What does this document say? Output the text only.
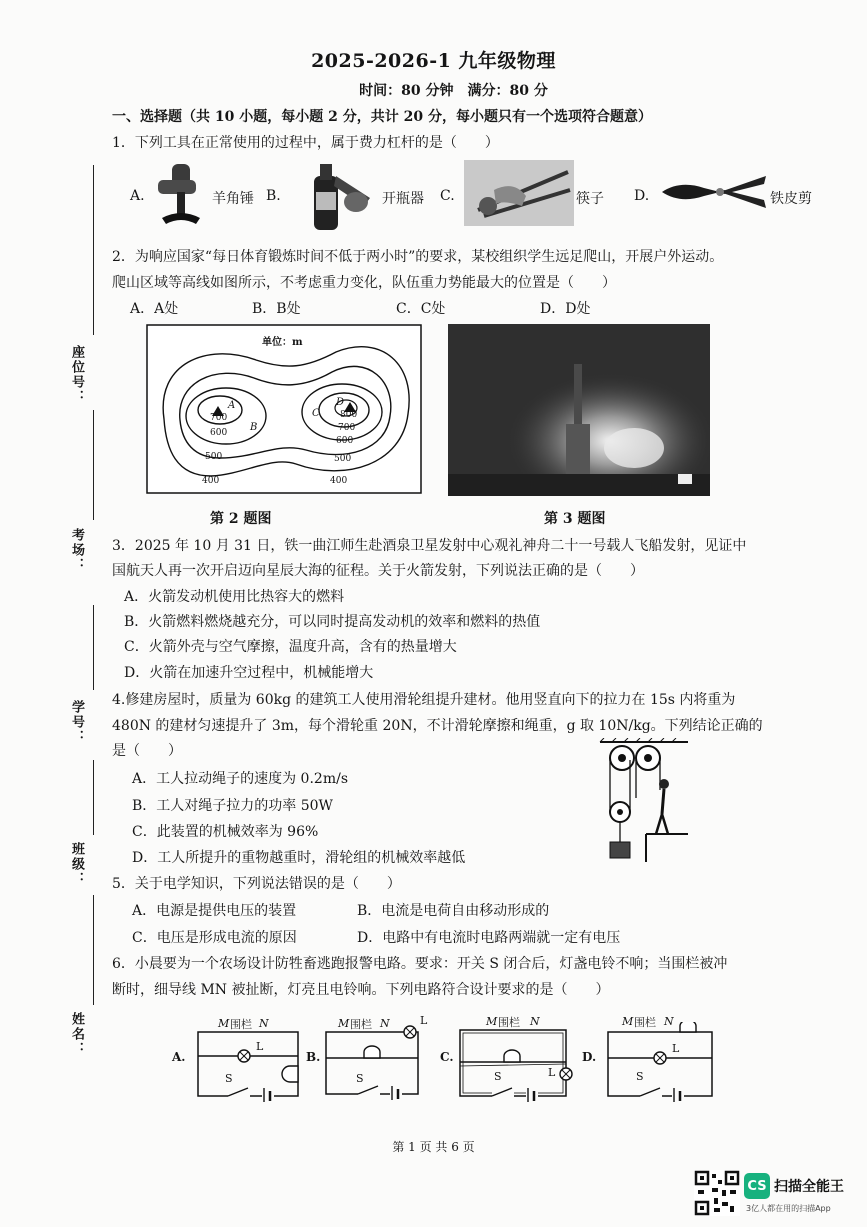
2025-2026-1 九年级物理
时间：80 分钟　满分：80 分
一、选择题（共 10 小题，每小题 2 分，共计 20 分，每小题只有一个选项符合题意）
座位号：
考场：
学号：
班级：
姓名：
1．下列工具在正常使用的过程中，属于费力杠杆的是（　　）
A.	羊角锤 B.	开瓶器 C.	筷子 D.	铁皮剪
2．为响应国家“每日体育锻炼时间不低于两小时”的要求，某校组织学生远足爬山，开展户外运动。
爬山区域等高线如图所示，不考虑重力变化，队伍重力势能最大的位置是（　　）
A．A处	B．B处	C．C处	D．D处
单位：m
A
B
C
D
700
600
500
400
800
700
600
500
400
第 2 题图	第 3 题图
3．2025 年 10 月 31 日，铁一曲江师生赴酒泉卫星发射中心观礼神舟二十一号载人飞船发射，见证中
国航天人再一次开启迈向星辰大海的征程。关于火箭发射，下列说法正确的是（　　）
A．火箭发动机使用比热容大的燃料
B．火箭燃料燃烧越充分，可以同时提高发动机的效率和燃料的热值
C．火箭外壳与空气摩擦，温度升高，含有的热量增大
D．火箭在加速升空过程中，机械能增大
4.修建房屋时，质量为 60kg 的建筑工人使用滑轮组提升建材。他用竖直向下的拉力在 15s 内将重为
480N 的建材匀速提升了 3m，每个滑轮重 20N，不计滑轮摩擦和绳重，g 取 10N/kg。下列结论正确的
是（　　）
A．工人拉动绳子的速度为 0.2m/s
B．工人对绳子拉力的功率 50W
C．此装置的机械效率为 96%
D．工人所提升的重物越重时，滑轮组的机械效率越低
5．关于电学知识，下列说法错误的是（　　）
A．电源是提供电压的装置	B．电流是电荷自由移动形成的
C．电压是形成电流的原因	D．电路中有电流时电路两端就一定有电压
6．小晨要为一个农场设计防牲畜逃跑报警电路。要求：开关 S 闭合后，灯盏电铃不响；当围栏被冲
断时，细导线 MN 被扯断，灯亮且电铃响。下列电路符合设计要求的是（　　）
A.
M 围栏 N
L
S
B.
M 围栏 N	L
S
C.
M 围栏 N
L
S
D.
M 围栏 N
L
S
第 1 页 共 6 页
CS 扫描全能王
3亿人都在用的扫描App
